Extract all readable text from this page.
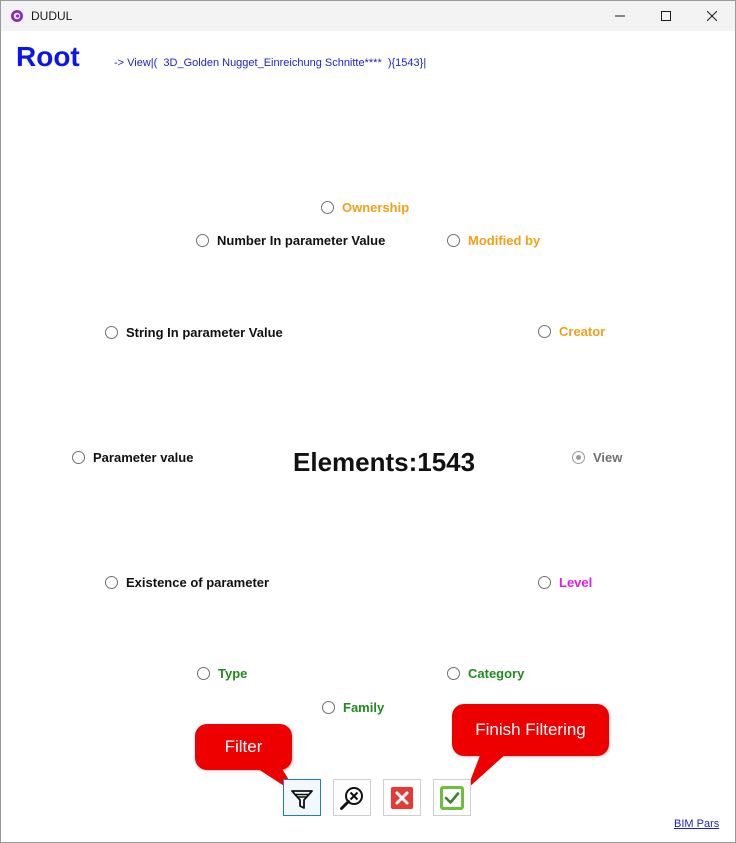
DUDUL
Root	-> View|(  3D_Golden Nugget_Einreichung Schnitte****  ){1543}|
Ownership
Number In parameter Value	Modified by
String In parameter Value	Creator
Parameter value	View
Existence of parameter	Level
Type	Category
Family
Elements:1543
Filter
Finish Filtering
BIM Pars
